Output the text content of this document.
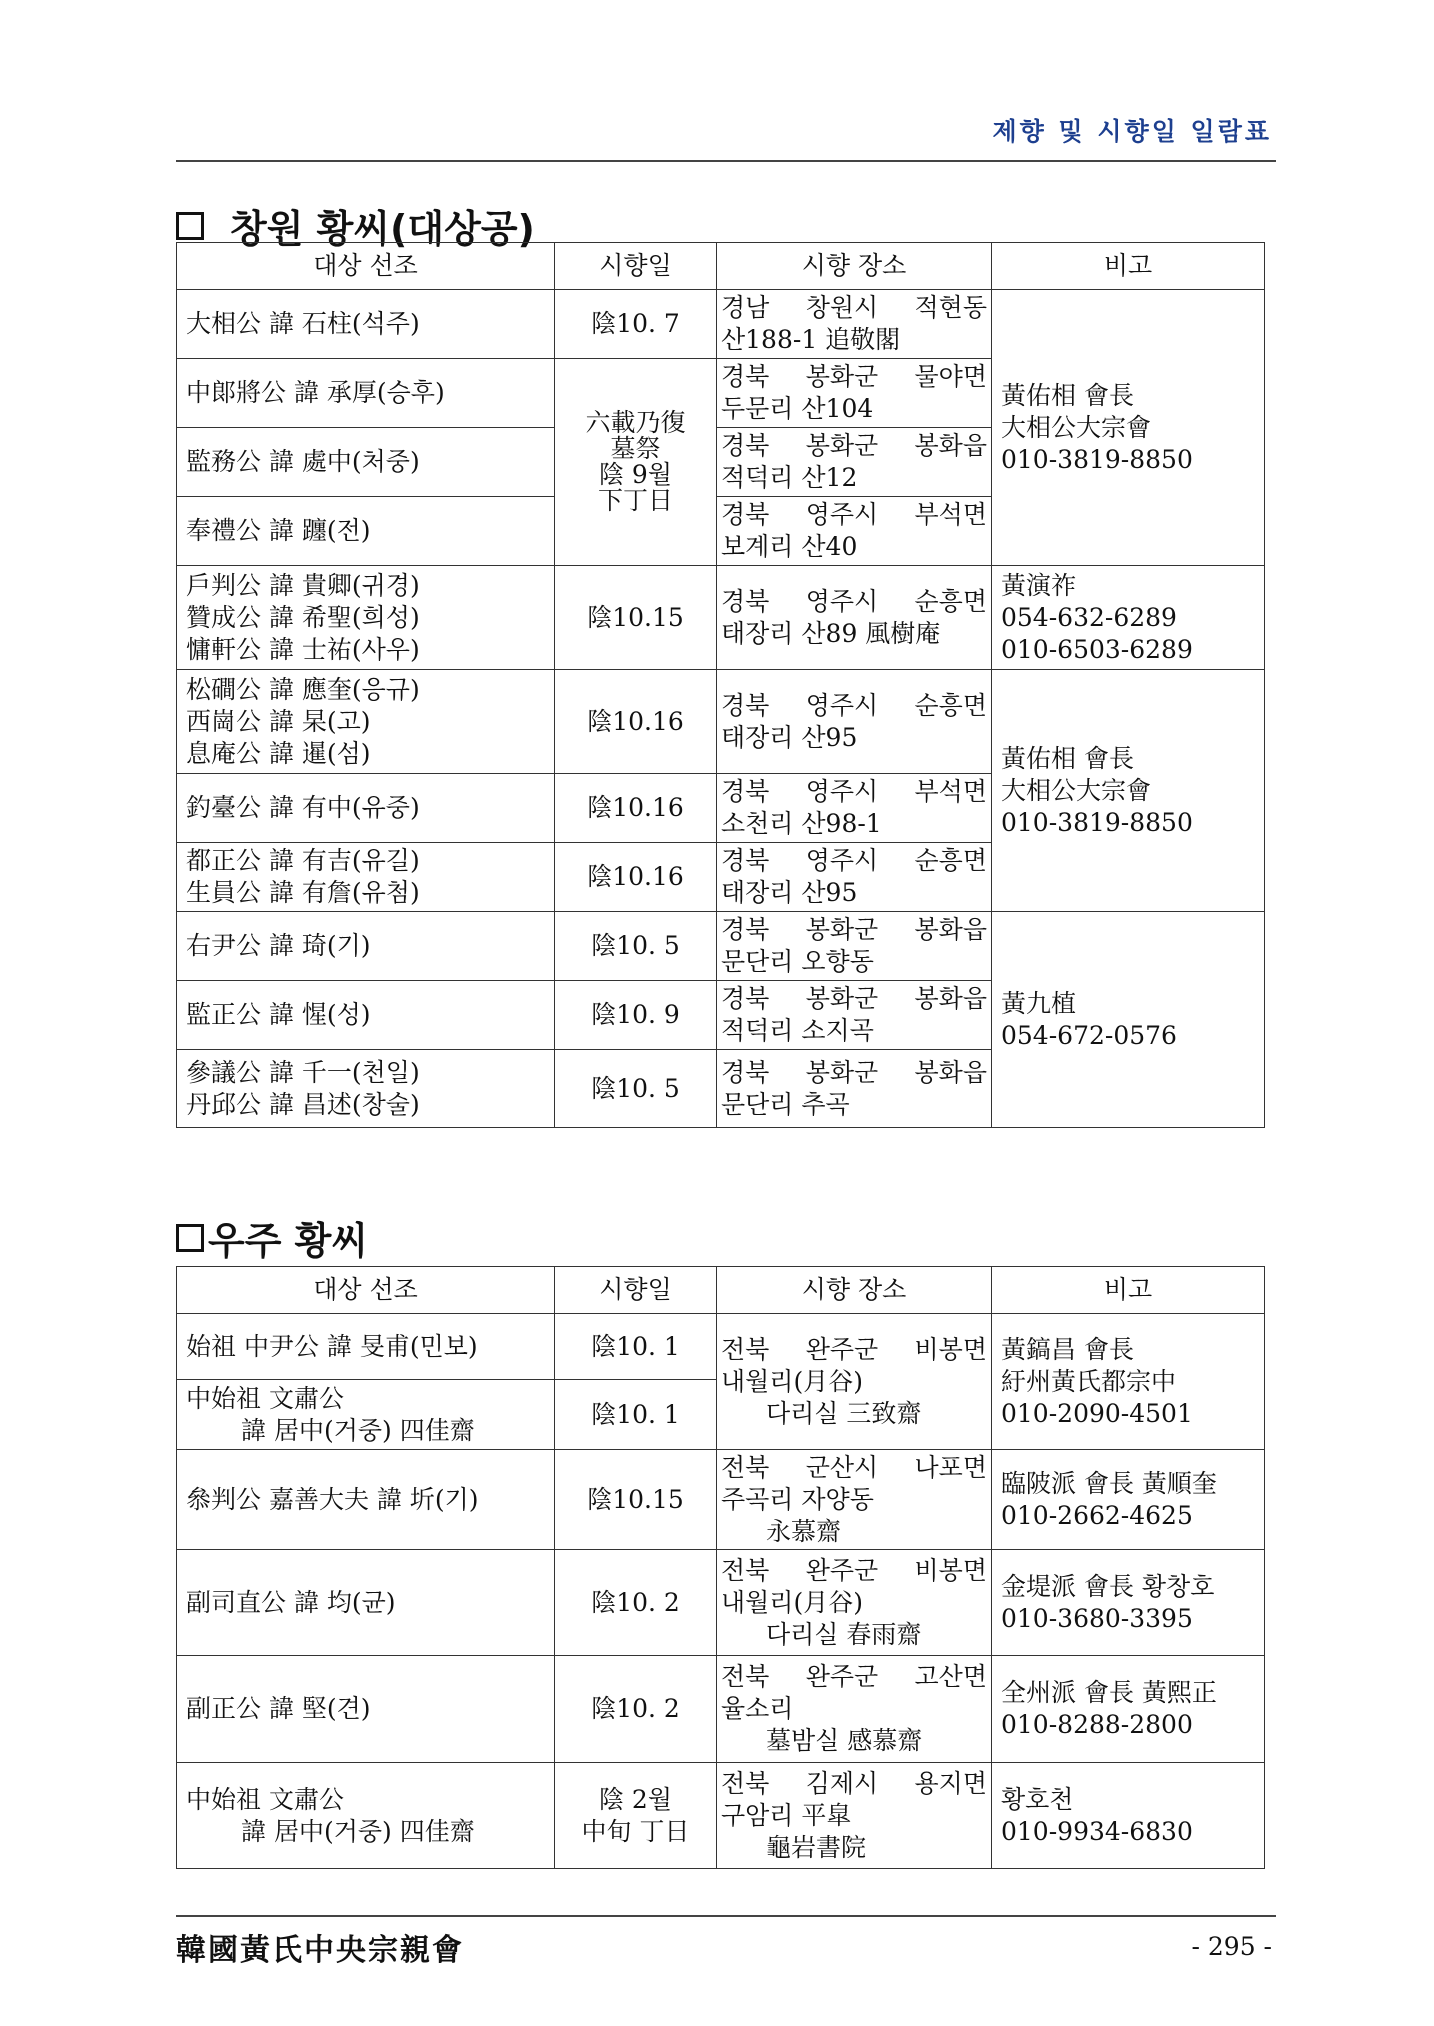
제향 및 시향일 일람표
창원 황씨(대상공)
대상 선조	시향일	시향 장소	비고

大相公 諱 石柱(석주)	陰10. 7	경남 창원시 적현동
산188-1 追敬閣	黃佑相 會長
大相公大宗會
010-3819-8850

中郞將公 諱 承厚(승후)	六載乃復
墓祭
陰 9월
下丁日	경북 봉화군 물야면
두문리 산104	

監務公 諱 處中(처중)		경북 봉화군 봉화읍
적덕리 산12	

奉禮公 諱 躔(전)		경북 영주시 부석면
보계리 산40	

戶判公 諱 貴卿(귀경)
贊成公 諱 希聖(희성)
慵軒公 諱 士祐(사우)	陰10.15	경북 영주시 순흥면
태장리 산89 風樹庵	黃演祚
054-632-6289
010-6503-6289

松磵公 諱 應奎(응규)
西崗公 諱 杲(고)
息庵公 諱 暹(섬)	陰10.16	경북 영주시 순흥면
태장리 산95	黃佑相 會長
大相公大宗會
010-3819-8850

釣臺公 諱 有中(유중)	陰10.16	경북 영주시 부석면
소천리 산98-1	

都正公 諱 有吉(유길)
生員公 諱 有詹(유첨)	陰10.16	경북 영주시 순흥면
태장리 산95	

右尹公 諱 琦(기)	陰10. 5	경북 봉화군 봉화읍
문단리 오향동	黃九植
054-672-0576

監正公 諱 惺(성)	陰10. 9	경북 봉화군 봉화읍
적덕리 소지곡	

參議公 諱 千一(천일)
丹邱公 諱 昌述(창술)	陰10. 5	경북 봉화군 봉화읍
문단리 추곡	
우주 황씨
대상 선조	시향일	시향 장소	비고

始祖 中尹公 諱 旻甫(민보)	陰10. 1	전북 완주군 비봉면
내월리(月谷)
다리실 三致齋	黃鎬昌 會長
紆州黃氏都宗中
010-2090-4501

中始祖 文肅公
諱 居中(거중) 四佳齋	陰10. 1		

叅判公 嘉善大夫 諱 圻(기)	陰10.15	전북 군산시 나포면
주곡리 자양동
永慕齋	臨陂派 會長 黃順奎
010-2662-4625

副司直公 諱 均(균)	陰10. 2	전북 완주군 비봉면
내월리(月谷)
다리실 春雨齋	金堤派 會長 황창호
010-3680-3395

副正公 諱 堅(견)	陰10. 2	전북 완주군 고산면
율소리
墓밤실 感慕齋	全州派 會長 黃熙正
010-8288-2800

中始祖 文肅公
諱 居中(거중) 四佳齋	陰 2월
中旬 丁日	전북 김제시 용지면
구암리 平皐
龜岩書院	황호천
010-9934-6830
韓國黃氏中央宗親會	- 295 -
